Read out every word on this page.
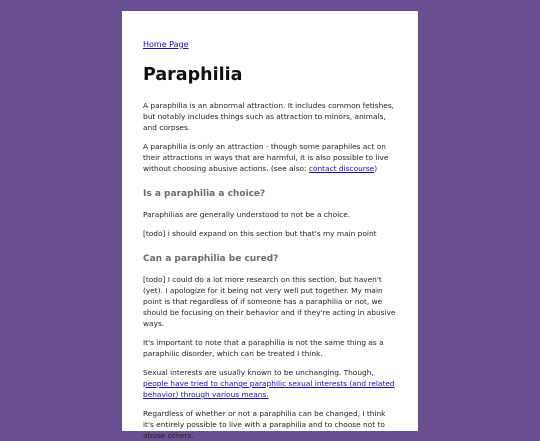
Home Page
Paraphilia

A paraphilia is an abnormal attraction. It includes common fetishes, but notably includes things such as attraction to minors, animals, and corpses.

A paraphilia is only an attraction - though some paraphiles act on their attractions in ways that are harmful, it is also possible to live without choosing abusive actions. (see also: contact discourse)

Is a paraphilia a choice?

Paraphilias are generally understood to not be a choice.

[todo] i should expand on this section but that's my main point

Can a paraphilia be cured?

[todo] I could do a lot more research on this section, but haven't (yet). I apologize for it being not very well put together. My main point is that regardless of if someone has a paraphilia or not, we should be focusing on their behavior and if they're acting in abusive ways.

It's important to note that a paraphilia is not the same thing as a paraphilic disorder, which can be treated I think.

Sexual interests are usually known to be unchanging. Though, people have tried to change paraphilic sexual interests (and related behavior) through various means.

Regardless of whether or not a paraphilia can be changed, I think it's entirely possible to live with a paraphilia and to choose not to abuse others.
